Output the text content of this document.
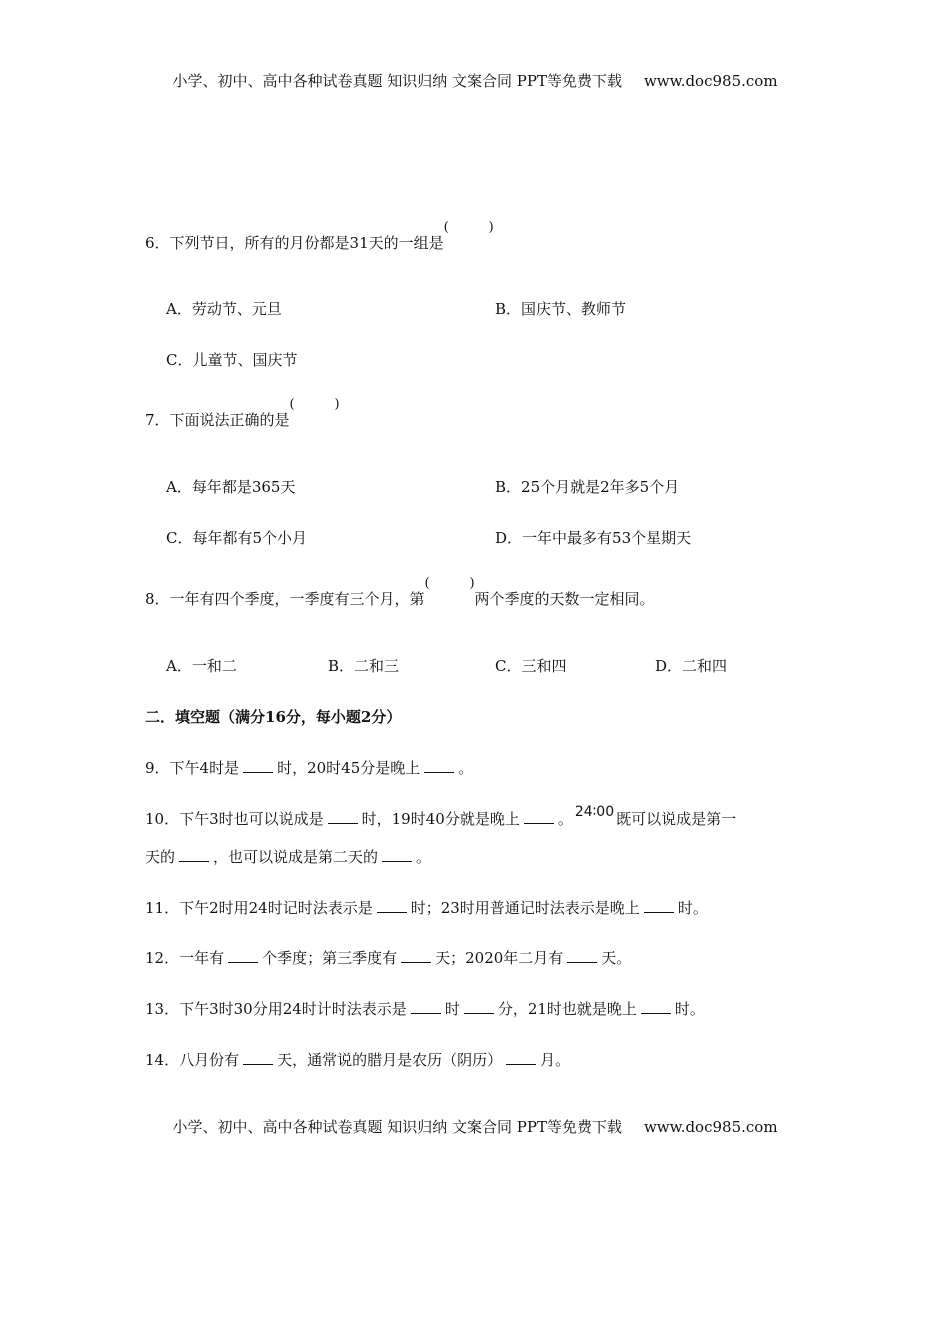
小学、初中、高中各种试卷真题 知识归纳 文案合同 PPT等免费下载 www.doc985.com
6．下列节日，所有的月份都是31天的一组是
(	)
A．劳动节、元旦	B．国庆节、教师节
C．儿童节、国庆节
7．下面说法正确的是
(	)
A．每年都是365天	B．25个月就是2年多5个月
C．每年都有5个小月	D．一年中最多有53个星期天
8．一年有四个季度，一季度有三个月，第
(	)
两个季度的天数一定相同。
A．一和二	B．二和三	C．三和四	D．二和四
二．填空题（满分16分，每小题2分）
9．下午4时是	时，20时45分是晚上	。
10．下午3时也可以说成是	时，19时40分就是晚上	。 24∶00 既可以说成是第一
天的	，也可以说成是第二天的	。
11．下午2时用24时记时法表示是	时；23时用普通记时法表示是晚上	时。
12．一年有	个季度；第三季度有	天；2020年二月有	天。
13．下午3时30分用24时计时法表示是	时	分，21时也就是晚上	时。
14．八月份有	天，通常说的腊月是农历（阴历）	月。
小学、初中、高中各种试卷真题 知识归纳 文案合同 PPT等免费下载 www.doc985.com
